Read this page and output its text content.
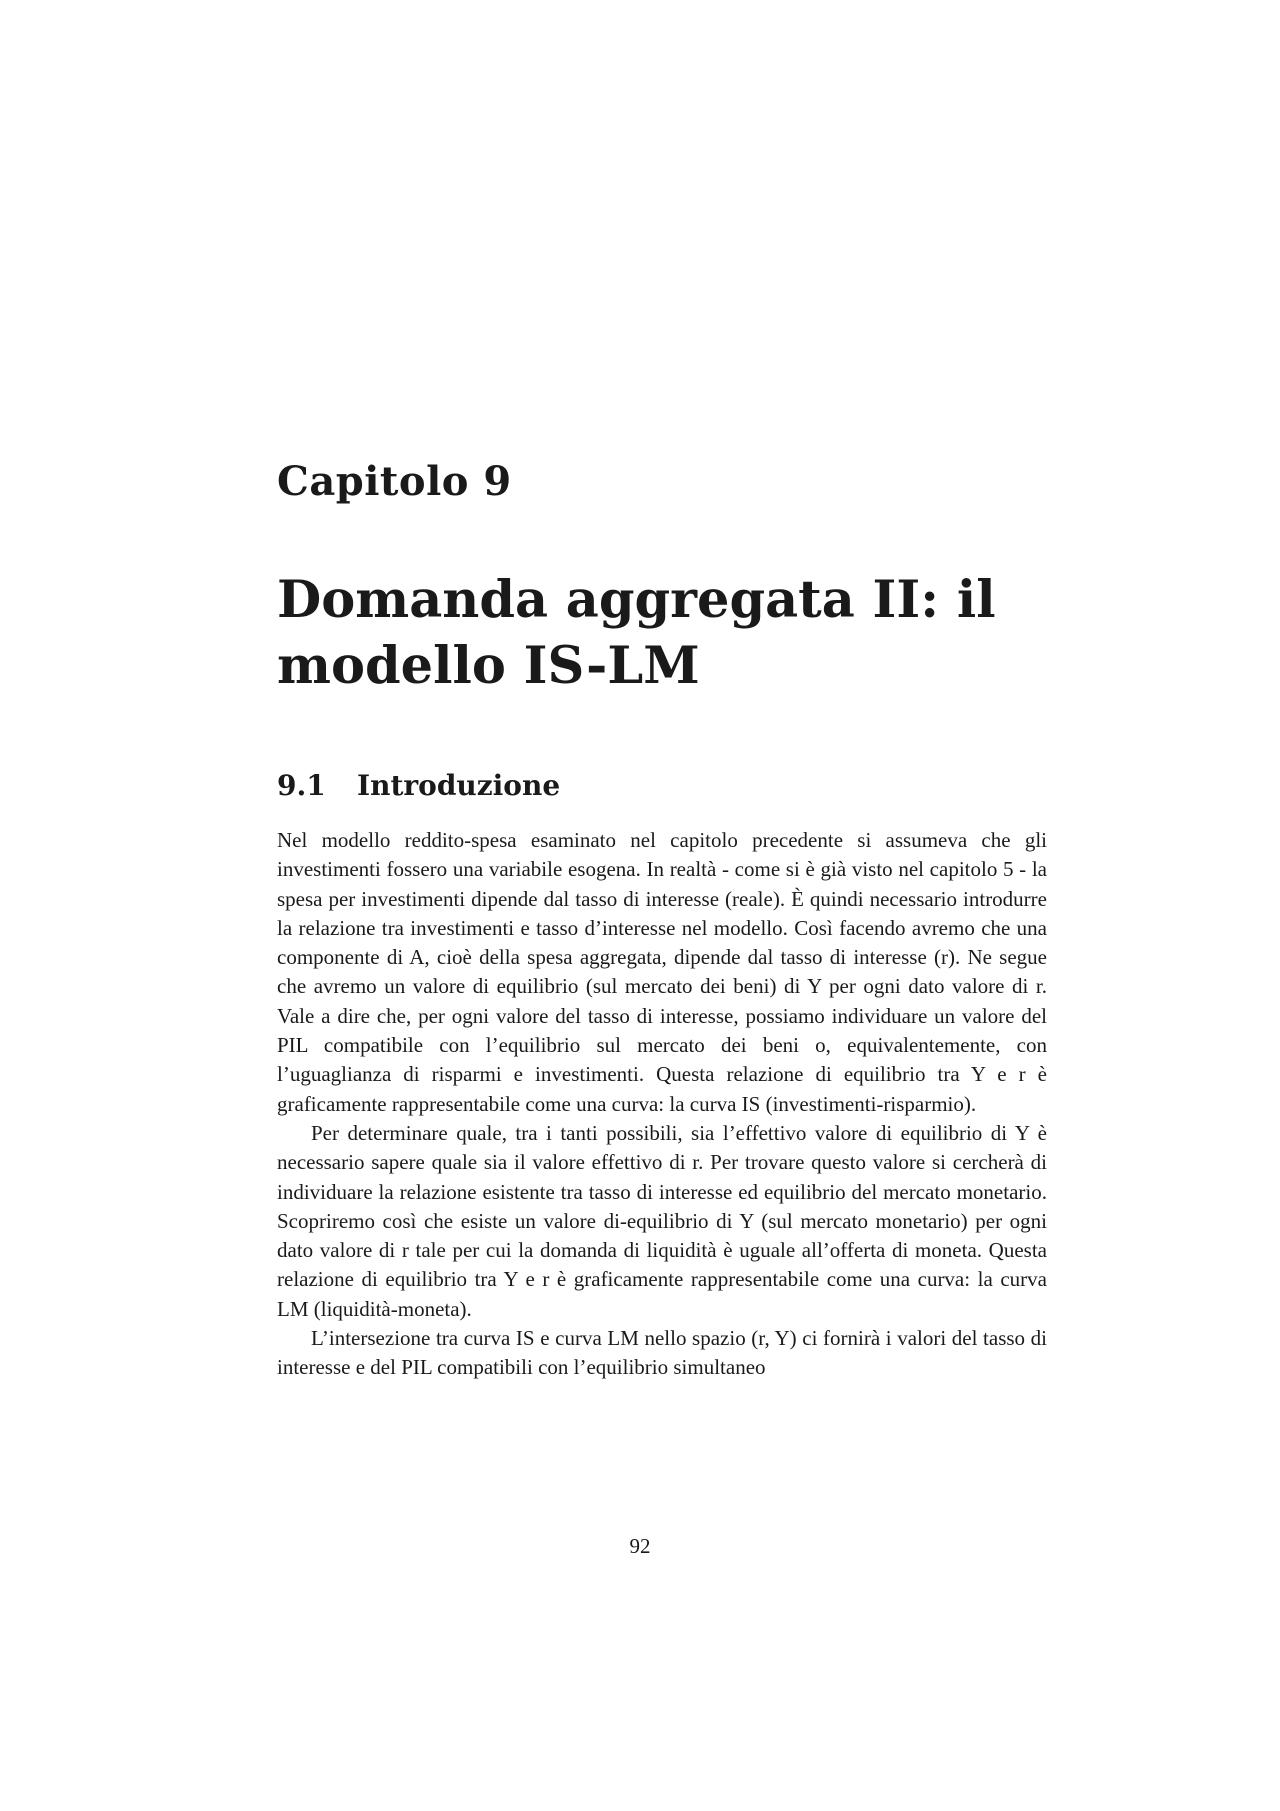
Capitolo 9
Domanda aggregata II: il modello IS-LM
9.1 Introduzione

Nel modello reddito-spesa esaminato nel capitolo precedente si assumeva che gli investimenti fossero una variabile esogena. In realtà - come si è già visto nel capitolo 5 - la spesa per investimenti dipende dal tasso di interesse (reale). È quindi necessario introdurre la relazione tra investimenti e tasso d’interesse nel modello. Così facendo avremo che una componente di A, cioè della spesa aggregata, dipende dal tasso di interesse (r). Ne segue che avremo un valore di equilibrio (sul mercato dei beni) di Y per ogni dato valore di r. Vale a dire che, per ogni valore del tasso di interesse, possiamo individuare un valore del PIL compatibile con l’equilibrio sul mercato dei beni o, equivalentemente, con l’uguaglianza di risparmi e investimenti. Questa relazione di equilibrio tra Y e r è graficamente rappresentabile come una curva: la curva IS (investimenti-risparmio).

Per determinare quale, tra i tanti possibili, sia l’effettivo valore di equilibrio di Y è necessario sapere quale sia il valore effettivo di r. Per trovare questo valore si cercherà di individuare la relazione esistente tra tasso di interesse ed equilibrio del mercato monetario. Scopriremo così che esiste un valore di-equilibrio di Y (sul mercato monetario) per ogni dato valore di r tale per cui la domanda di liquidità è uguale all’offerta di moneta. Questa relazione di equilibrio tra Y e r è graficamente rappresentabile come una curva: la curva LM (liquidità-moneta).

L’intersezione tra curva IS e curva LM nello spazio (r, Y) ci fornirà i valori del tasso di interesse e del PIL compatibili con l’equilibrio simultaneo

92
